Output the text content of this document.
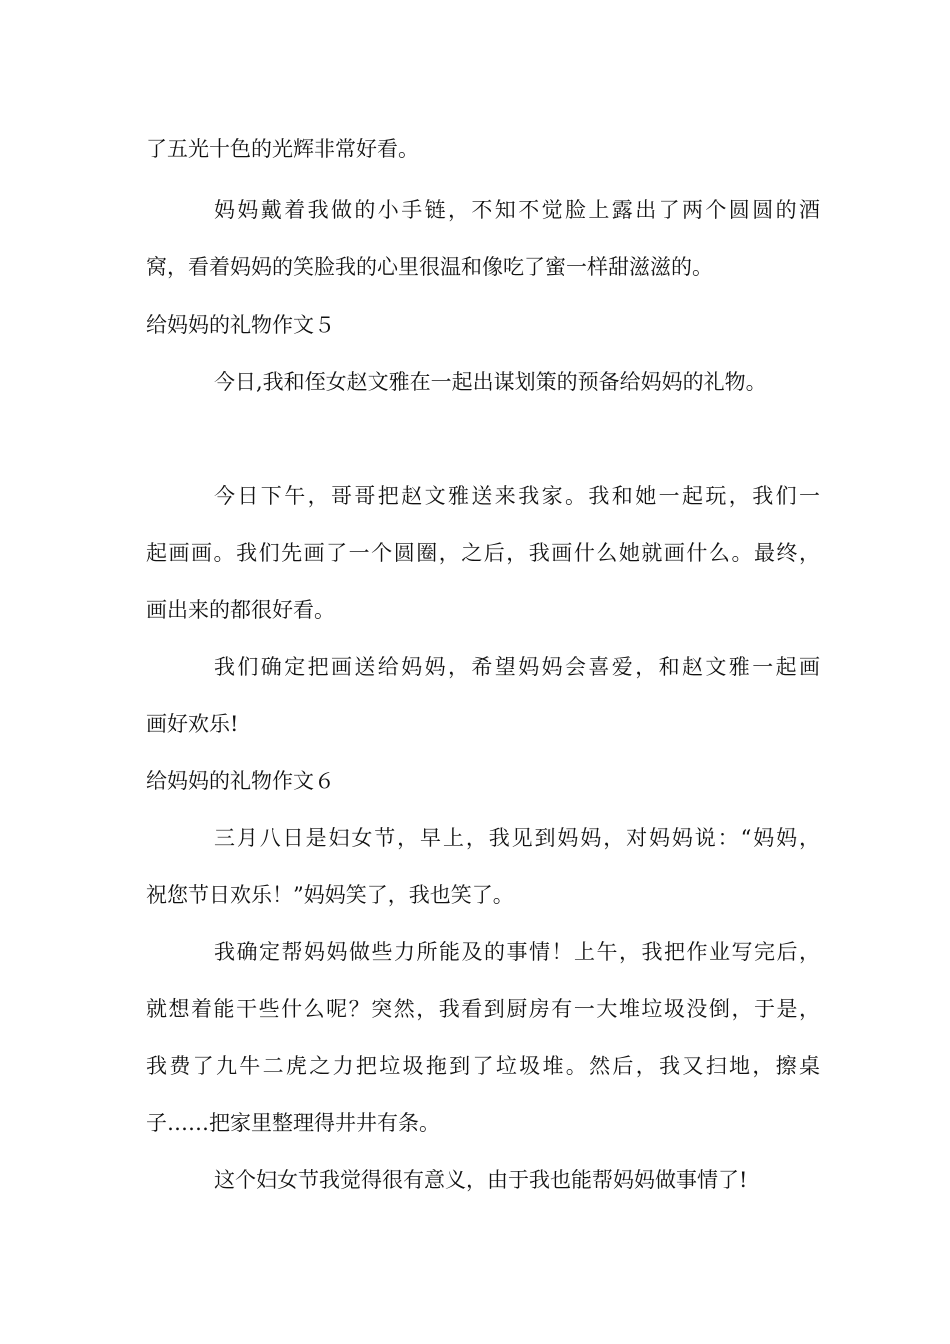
了五光十色的光辉非常好看。

妈妈戴着我做的小手链，不知不觉脸上露出了两个圆圆的酒

窝，看着妈妈的笑脸我的心里很温和像吃了蜜一样甜滋滋的。

给妈妈的礼物作文５

今日,我和侄女赵文雅在一起出谋划策的预备给妈妈的礼物。

今日下午，哥哥把赵文雅送来我家。我和她一起玩，我们一

起画画。我们先画了一个圆圈，之后，我画什么她就画什么。最终，

画出来的都很好看。

我们确定把画送给妈妈，希望妈妈会喜爱，和赵文雅一起画

画好欢乐!

给妈妈的礼物作文６

三月八日是妇女节，早上，我见到妈妈，对妈妈说：“妈妈，

祝您节日欢乐！”妈妈笑了，我也笑了。

我确定帮妈妈做些力所能及的事情！上午，我把作业写完后，

就想着能干些什么呢？突然，我看到厨房有一大堆垃圾没倒，于是，

我费了九牛二虎之力把垃圾拖到了垃圾堆。然后，我又扫地，擦桌

子……把家里整理得井井有条。

这个妇女节我觉得很有意义，由于我也能帮妈妈做事情了!
